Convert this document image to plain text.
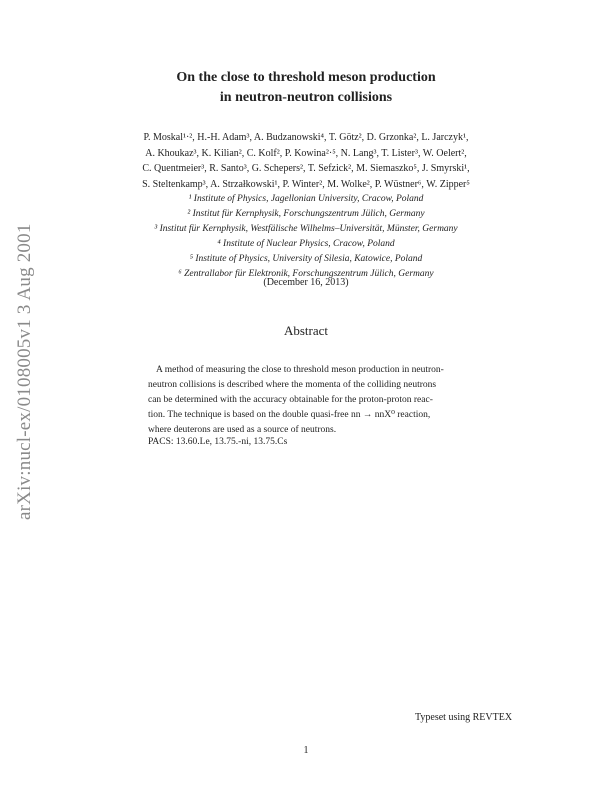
arXiv:nucl-ex/0108005v1 3 Aug 2001
On the close to threshold meson production
in neutron-neutron collisions
P. Moskal¹·², H.-H. Adam³, A. Budzanowski⁴, T. Götz², D. Grzonka², L. Jarczyk¹,
A. Khoukaz³, K. Kilian², C. Kolf², P. Kowina²·⁵, N. Lang³, T. Lister³, W. Oelert²,
C. Quentmeier³, R. Santo³, G. Schepers², T. Sefzick², M. Siemaszko⁵, J. Smyrski¹,
S. Steltenkamp³, A. Strzałkowski¹, P. Winter², M. Wolke², P. Wüstner⁶, W. Zipper⁵
¹ Institute of Physics, Jagellonian University, Cracow, Poland
² Institut für Kernphysik, Forschungszentrum Jülich, Germany
³ Institut für Kernphysik, Westfälische Wilhelms–Universität, Münster, Germany
⁴ Institute of Nuclear Physics, Cracow, Poland
⁵ Institute of Physics, University of Silesia, Katowice, Poland
⁶ Zentrallabor für Elektronik, Forschungszentrum Jülich, Germany
(December 16, 2013)
Abstract
A method of measuring the close to threshold meson production in neutron-
neutron collisions is described where the momenta of the colliding neutrons
can be determined with the accuracy obtainable for the proton-proton reac-
tion. The technique is based on the double quasi-free nn → nnX⁰ reaction,
where deuterons are used as a source of neutrons.
PACS: 13.60.Le, 13.75.-ni, 13.75.Cs
Typeset using REVTEX
1
